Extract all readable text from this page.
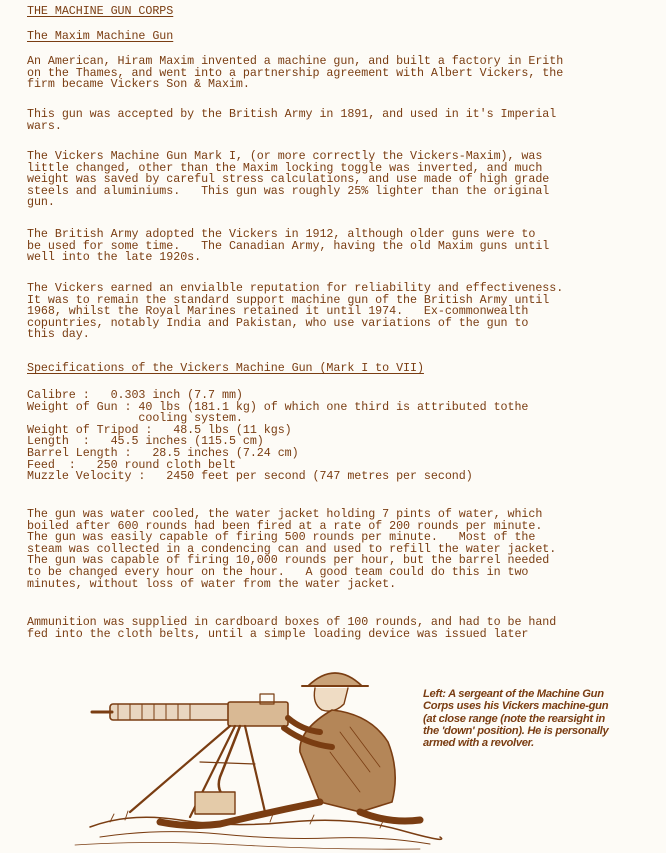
THE MACHINE GUN CORPS

The Maxim Machine Gun

An American, Hiram Maxim invented a machine gun, and built a factory in Erith
on the Thames, and went into a partnership agreement with Albert Vickers, the
firm became Vickers Son & Maxim.

This gun was accepted by the British Army in 1891, and used in it's Imperial
wars.

The Vickers Machine Gun Mark I, (or more correctly the Vickers-Maxim), was
little changed, other than the Maxim locking toggle was inverted, and much
weight was saved by careful stress calculations, and use made of high grade
steels and aluminiums.   This gun was roughly 25% lighter than the original
gun.

The British Army adopted the Vickers in 1912, although older guns were to
be used for some time.   The Canadian Army, having the old Maxim guns until
well into the late 1920s.

The Vickers earned an envialble reputation for reliability and effectiveness.
It was to remain the standard support machine gun of the British Army until
1968, whilst the Royal Marines retained it until 1974.   Ex-commonwealth
copuntries, notably India and Pakistan, who use variations of the gun to
this day.

Specifications of the Vickers Machine Gun (Mark I to VII)

Calibre :   0.303 inch (7.7 mm)
Weight of Gun : 40 lbs (181.1 kg) of which one third is attributed tothe
cooling system.
Weight of Tripod :   48.5 lbs (11 kgs)
Length  :   45.5 inches (115.5 cm)
Barrel Length :   28.5 inches (7.24 cm)
Feed  :   250 round cloth belt
Muzzle Velocity :   2450 feet per second (747 metres per second)

The gun was water cooled, the water jacket holding 7 pints of water, which
boiled after 600 rounds had been fired at a rate of 200 rounds per minute.
The gun was easily capable of firing 500 rounds per minute.   Most of the
steam was collected in a condencing can and used to refill the water jacket.
The gun was capable of firing 10,000 rounds per hour, but the barrel needed
to be changed every hour on the hour.   A good team could do this in two
minutes, without loss of water from the water jacket.

Ammunition was supplied in cardboard boxes of 100 rounds, and had to be hand
fed into the cloth belts, until a simple loading device was issued later

Left: A sergeant of the Machine Gun
Corps uses his Vickers machine-gun
(at close range (note the rearsight in
the 'down' position). He is personally
armed with a revolver.
